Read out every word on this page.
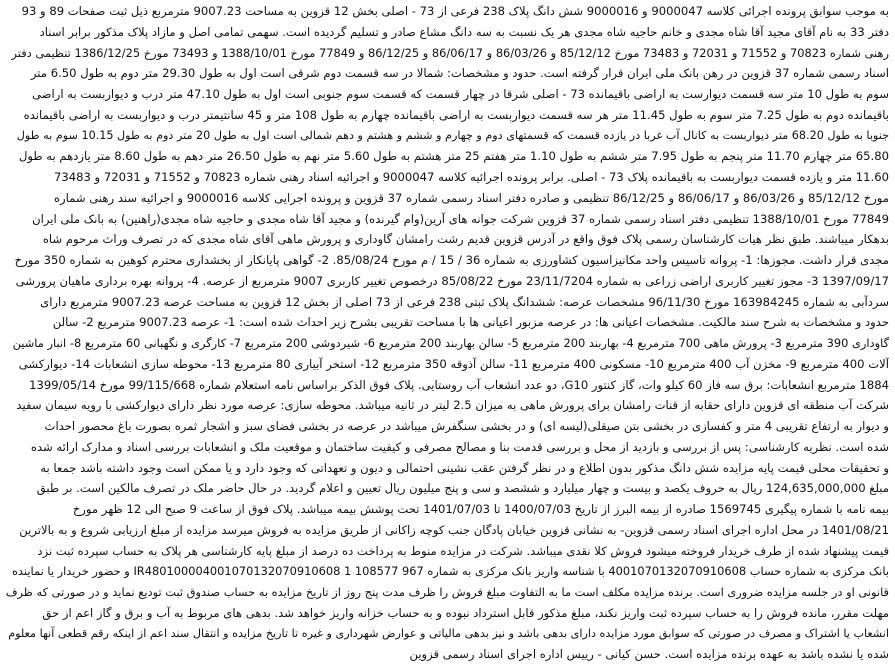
به موجب سوابق پرونده اجرائی کلاسه 9000047 و 9000016 شش دانگ پلاک 238 فرعی از 73 - اصلی بخش 12 قزوین به مساحت 9007.23 مترمربع ذیل ثبت صفحات 89 و 93
دفتر 33 به نام آقای مجید آقا شاه مجدی و خانم حاجیه شاه مجدی هر یک نسبت به سه دانگ مشاع صادر و تسلیم گردیده است. سهمی تمامی اصل و مازاد پلاک مذکور برابر اسناد
رهنی شماره 70823 و 71552 و 72031 و 73483 مورخ 85/12/12 و 86/03/26 و 86/06/17 و 86/12/25 و 77849 مورخ 1388/10/01 و 73493 مورخ 1386/12/25 تنظیمی دفتر
اسناد رسمی شماره 37 قزوین در رهن بانک ملی ایران قرار گرفته است. حدود و مشخصات: شمالا در سه قسمت دوم شرقی است اول به طول 29.30 متر دوم به طول 6.50 متر
سوم به طول 10 متر سه قسمت دیوارست به اراضی باقیمانده 73 - اصلی شرقا در چهار قسمت که قسمت سوم جنوبی است اول به طول 47.10 متر درب و دیواربست به اراضی
باقیمانده دوم به طول 7.25 متر سوم به طول 11.45 متر هر سه قسمت دیواربست به اراضی باقیمانده چهارم به طول 108 متر و 45 سانتیمتر درب و دیواربست به اراضی باقیمانده
جنوبا به طول 68.20 متر دیواربست به کانال آب غربا در یازده قسمت که قسمتهای دوم و چهارم و ششم و هشتم و دهم شمالی است اول به طول 20 متر دوم به طول 10.15 سوم به طول
65.80 متر چهارم 11.70 متر پنجم به طول 7.95 متر ششم به طول 1.10 متر هفتم 25 متر هشتم به طول 5.60 متر نهم به طول 26.50 متر دهم به طول 8.60 متر یازدهم به طول
11.60 متر و یازده قسمت دیواربست به باقیمانده پلاک 73 - اصلی. برابر پرونده اجرائیه کلاسه 9000047 و اجرائیه اسناد رهنی شماره 70823 و 71552 و 72031 و 73483
مورخ 85/12/12 و 86/03/26 و 86/06/17 و 86/12/25 تنظیمی و صادره دفتر اسناد رسمی شماره 37 قزوین و پرونده اجرایی کلاسه 9000016 و اجرائیه سند رهنی شماره
77849 مورخ 1388/10/01 تنظیمی دفتر اسناد رسمی شماره 37 قزوین شرکت جوانه های آرین(وام گیرنده) و مجید آقا شاه مجدی و حاجیه شاه مجدی(راهنین) به بانک ملی ایران
بدهکار میباشند. طبق نظر هیات کارشناسان رسمی پلاک فوق واقع در آدرس قزوین قدیم رشت رامشان گاوداری و پرورش ماهی آقای شاه مجدی که در تصرف وراث مرحوم شاه
مجدی قرار داشت. مجوزها: 1- پروانه تاسیس واحد مکانیزاسیون کشاورزی به شماره 36 / 15 / م مورخ 85/08/24. 2- گواهی پایانکار از بخشداری محترم کوهین به شماره 350 مورخ
1397/09/17 3- مجوز تغییر کاربری اراضی زراعی به شماره 23/11/7204 مورخ 85/08/22 درخصوص تغییر کاربری 9007 مترمربع از عرصه. 4- پروانه بهره برداری ماهیان پرورشی
سردآبی به شماره 163984245 مورخ 96/11/30 مشخصات عرصه: ششدانگ پلاک ثبتی 238 فرعی از 73 اصلی از بخش 12 قزوین به مساحت عرصه 9007.23 مترمربع دارای
حدود و مشخصات به شرح سند مالکیت. مشخصات اعیانی ها: در عرصه مزبور اعیانی ها با مساحت تقریبی بشرح زیر احداث شده است: 1- عرصه 9007.23 مترمربع 2- سالن
گاوداری 390 مترمربع 3- پرورش ماهی 700 مترمربع 4- بهاربند 200 مترمربع 5- سالن بهاربند 200 مترمربع 6- شیردوشی 200 مترمربع 7- کارگری و نگهبانی 60 مترمربع 8- انبار ماشین
آلات 400 مترمربع 9- مخزن آب 400 مترمربع 10- مسکونی 400 مترمربع 11- سالن آذوقه 350 مترمربع 12- استخر آبیاری 80 مترمربع 13- محوطه سازی انشعابات 14- دیوارکشی
1884 مترمربع انشعابات: برق سه فاز 60 کیلو وات، گاز کنتور G10، دو عدد انشعاب آب روستایی. پلاک فوق الذکر براساس نامه استعلام شماره 99/115/668 مورخ 1399/05/14
شرکت آب منطقه ای قزوین دارای حقابه از قنات رامشان برای پرورش ماهی به میزان 2.5 لیتر در ثانیه میباشد. محوطه سازی: عرصه مورد نظر دارای دیوارکشی با رویه سیمان سفید
و دیوار به ارتفاع تقریبی 4 متر و کفسازی در بخشی بتن صیقلی(لیسه ای) و در بخشی سنگفرش میباشد در عرصه در بخشی فضای سبز و اشجار ثمره بصورت باغ محصور احداث
شده است. نظریه کارشناسی: پس از بررسی و بازدید از محل و بررسی قدمت بنا و مصالح مصرفی و کیفیت ساختمان و موقعیت ملک و انشعابات بررسی اسناد و مدارک ارائه شده
و تحقیقات محلی قیمت پایه مزایده شش دانگ مذکور بدون اطلاع و در نظر گرفتن عقب نشینی احتمالی و دیون و تعهداتی که وجود دارد و یا ممکن است وجود داشته باشد جمعا به
مبلغ 124,635,000,000 ریال به حروف یکصد و بیست و چهار میلیارد و ششصد و سی و پنج میلیون ریال تعیین و اعلام گردید. در حال حاضر ملک در تصرف مالکین است. بر طبق
بیمه نامه با شماره پیگیری 1569745 صادره از بیمه البرز از تاریخ 1400/07/03 تا 1401/07/03 تحت پوشش بیمه میباشد. پلاک فوق از ساعت 9 صبح الی 12 ظهر مورخ
1401/08/21 در محل اداره اجرای اسناد رسمی قزوین- به نشانی قزوین خیابان پادگان جنب کوچه زاکانی از طریق مزایده به فروش میرسد مزایده از مبلغ ارزیابی شروع و به بالاترین
قیمت پیشنهاد شده از طرف خریدار فروخته میشود فروش کلا نقدی میباشد. شرکت در مزایده منوط به پرداخت ده درصد از مبلغ پایه کارشناسی هر پلاک به حساب سپرده ثبت نزد
بانک مرکزی به شماره حساب 4001070132070910608 با شناسه واریز بانک مرکزی به شماره IR480100004001070132070910608 1 108577 967 و حضور خریدار یا نماینده
قانونی او در جلسه مزایده ضروری است. برنده مزایده مکلف است ما به التفاوت مبلغ فروش را ظرف مدت پنج روز از تاریخ مزایده به حساب صندوق ثبت تودیع نماید و در صورتی که ظرف
مهلت مقرر، مانده فروش را به حساب سپرده ثبت واریز نکند، مبلغ مذکور قابل استرداد نبوده و به حساب خزانه واریز خواهد شد. بدهی های مربوط به آب و برق و گاز اعم از حق
انشعاب یا اشتراک و مصرف در صورتی که سوابق مورد مزایده دارای بدهی باشد و نیز بدهی مالیاتی و عوارض شهرداری و غیره تا تاریخ مزایده و انتقال سند اعم از اینکه رقم قطعی آنها معلوم
شده یا نشده باشد به عهده برنده مزایده است. حسن کیانی - رییس اداره اجرای اسناد رسمی قزوین
